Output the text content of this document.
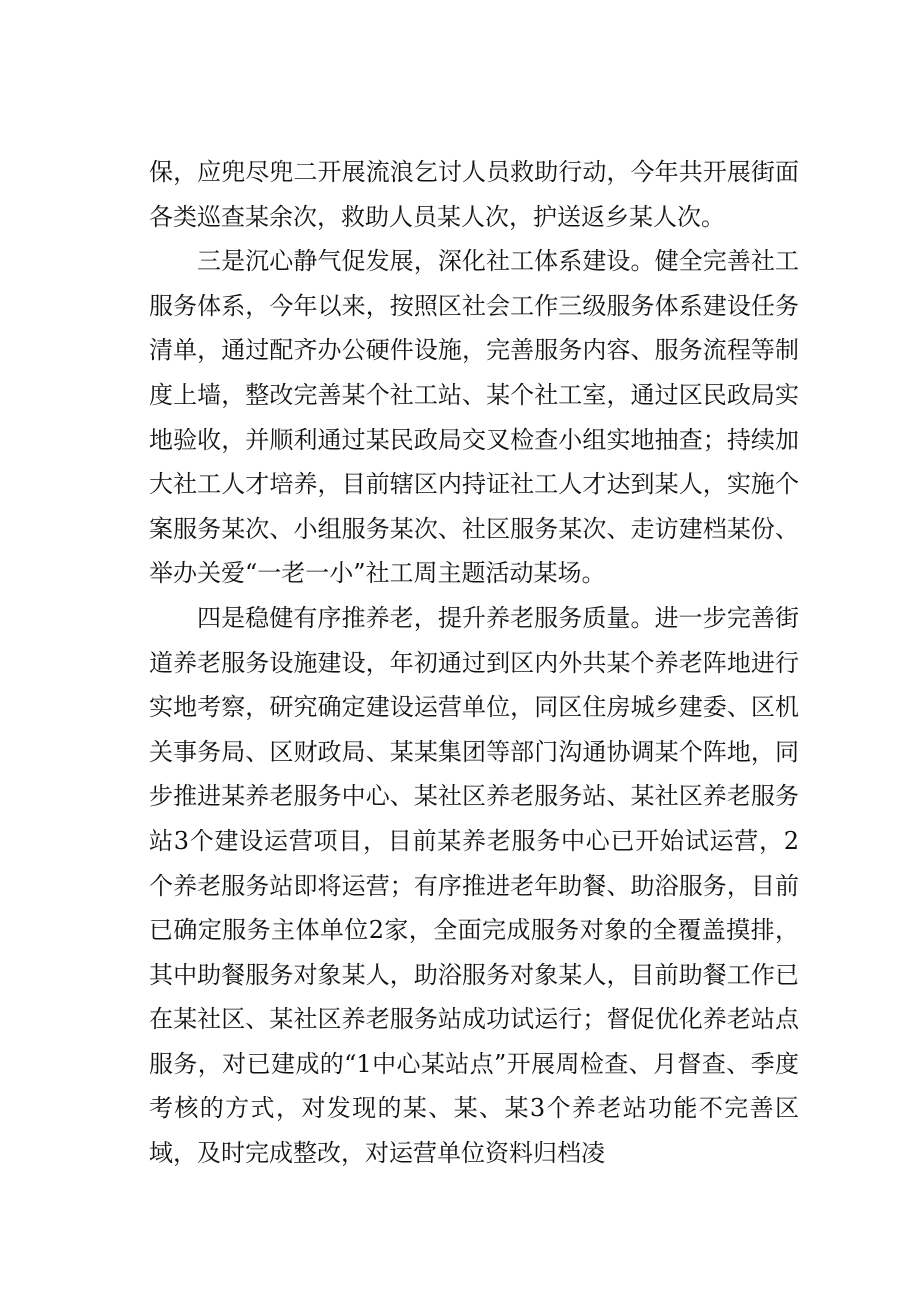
保，应兜尽兜二开展流浪乞讨人员救助行动，今年共开展街面各类巡查某余次，救助人员某人次，护送返乡某人次。

三是沉心静气促发展，深化社工体系建设。健全完善社工服务体系，今年以来，按照区社会工作三级服务体系建设任务清单，通过配齐办公硬件设施，完善服务内容、服务流程等制度上墙，整改完善某个社工站、某个社工室，通过区民政局实地验收，并顺利通过某民政局交叉检查小组实地抽查；持续加大社工人才培养，目前辖区内持证社工人才达到某人，实施个案服务某次、小组服务某次、社区服务某次、走访建档某份、举办关爱“一老一小”社工周主题活动某场。

四是稳健有序推养老，提升养老服务质量。进一步完善街道养老服务设施建设，年初通过到区内外共某个养老阵地进行实地考察，研究确定建设运营单位，同区住房城乡建委、区机关事务局、区财政局、某某集团等部门沟通协调某个阵地，同步推进某养老服务中心、某社区养老服务站、某社区养老服务站3个建设运营项目，目前某养老服务中心已开始试运营，2个养老服务站即将运营；有序推进老年助餐、助浴服务，目前已确定服务主体单位2家，全面完成服务对象的全覆盖摸排，其中助餐服务对象某人，助浴服务对象某人，目前助餐工作已在某社区、某社区养老服务站成功试运行；督促优化养老站点服务，对已建成的“1中心某站点”开展周检查、月督查、季度考核的方式，对发现的某、某、某3个养老站功能不完善区域，及时完成整改，对运营单位资料归档凌
